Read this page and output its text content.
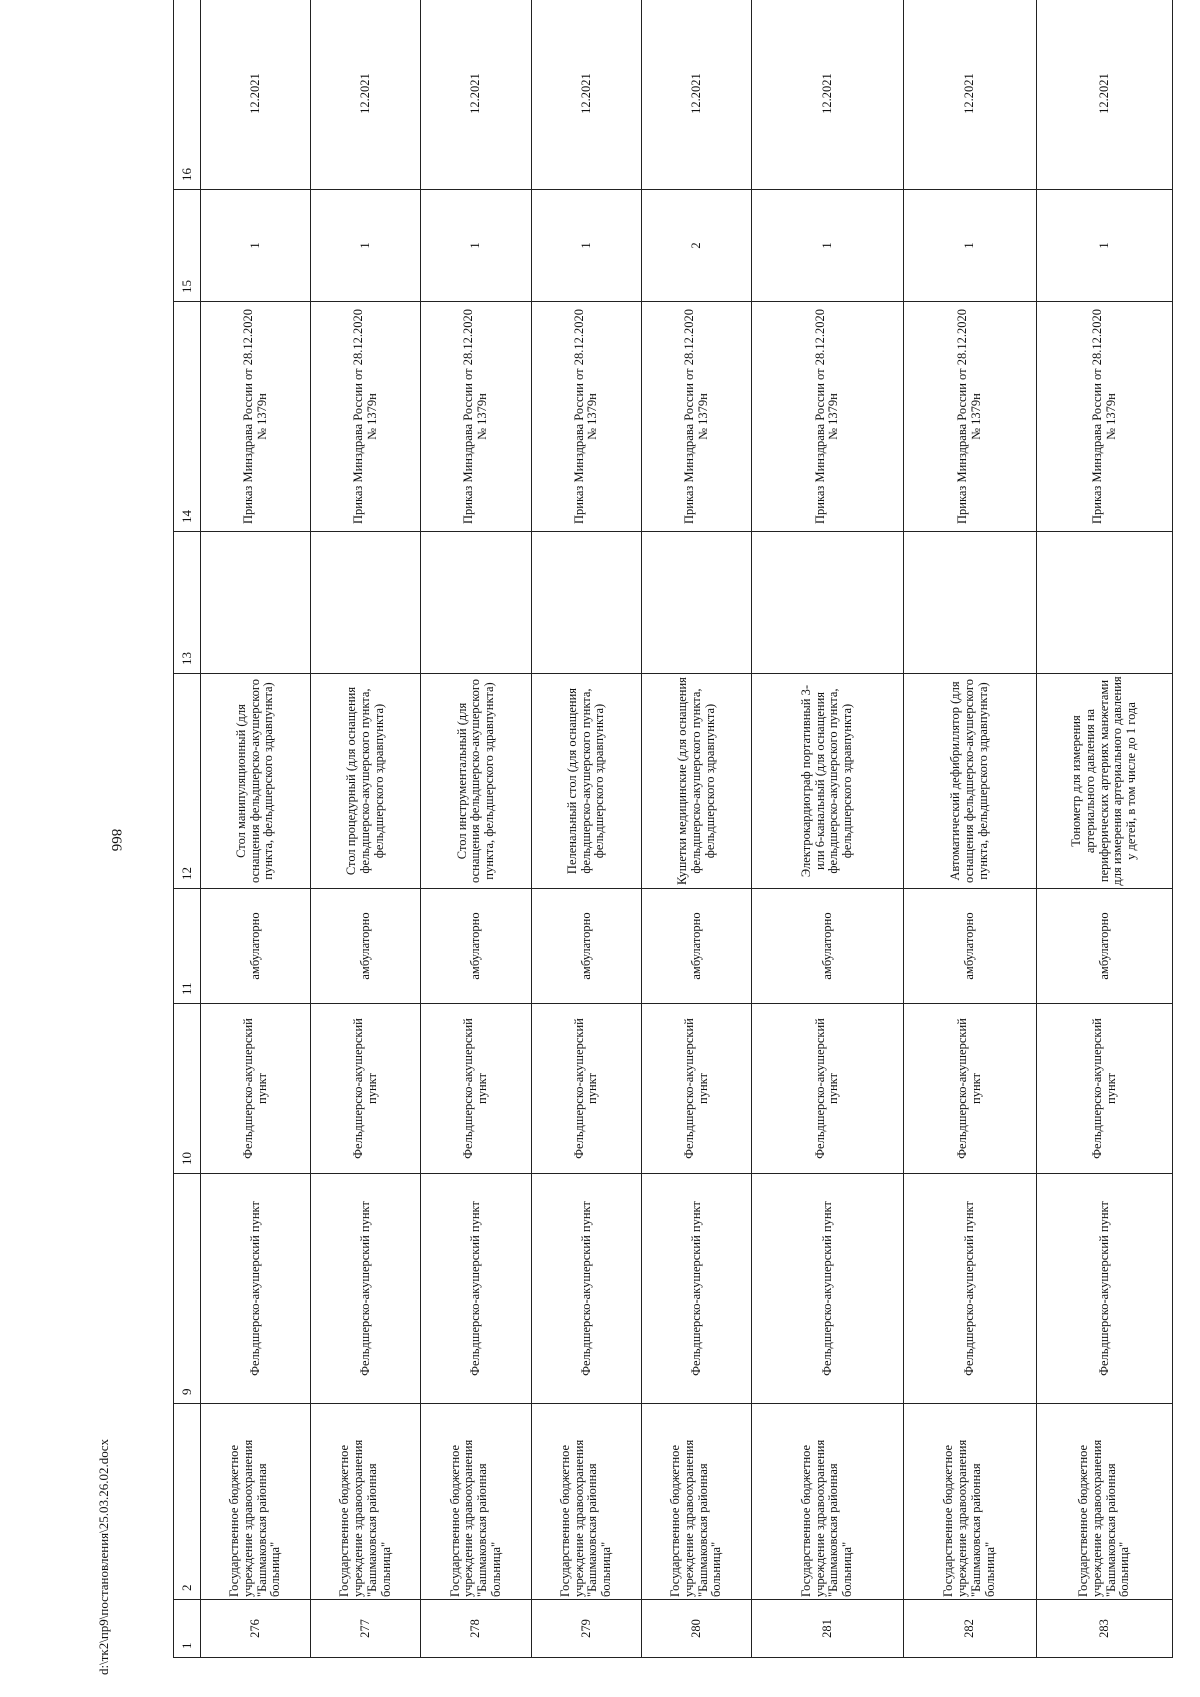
866
d:\тк2\пр9\постановления\25.03.26.02.docx	1	2	9	10	11	12	13	14	15	16
276	Государственное бюджетное учреждение здравоохранения "Башмаковская районная больница"	Фельдшерско-акушерский пункт	Фельдшерско-акушерский пункт	амбулаторно	Стол манипуляционный (для оснащения фельдшерско-акушерского пункта, фельдшерского здравпункта)		Приказ Минздрава России от 28.12.2020 № 1379н	1	12.2021
277	Государственное бюджетное учреждение здравоохранения "Башмаковская районная больница"	Фельдшерско-акушерский пункт	Фельдшерско-акушерский пункт	амбулаторно	Стол процедурный (для оснащения фельдшерско-акушерского пункта, фельдшерского здравпункта)		Приказ Минздрава России от 28.12.2020 № 1379н	1	12.2021
278	Государственное бюджетное учреждение здравоохранения "Башмаковская районная больница"	Фельдшерско-акушерский пункт	Фельдшерско-акушерский пункт	амбулаторно	Стол инструментальный (для оснащения фельдшерско-акушерского пункта, фельдшерского здравпункта)		Приказ Минздрава России от 28.12.2020 № 1379н	1	12.2021
279	Государственное бюджетное учреждение здравоохранения "Башмаковская районная больница"	Фельдшерско-акушерский пункт	Фельдшерско-акушерский пункт	амбулаторно	Пеленальный стол (для оснащения фельдшерско-акушерского пункта, фельдшерского здравпункта)		Приказ Минздрава России от 28.12.2020 № 1379н	1	12.2021
280	Государственное бюджетное учреждение здравоохранения "Башмаковская районная больница"	Фельдшерско-акушерский пункт	Фельдшерско-акушерский пункт	амбулаторно	Кушетки медицинские (для оснащения фельдшерско-акушерского пункта, фельдшерского здравпункта)		Приказ Минздрава России от 28.12.2020 № 1379н	2	12.2021
281	Государственное бюджетное учреждение здравоохранения "Башмаковская районная больница"	Фельдшерско-акушерский пункт	Фельдшерско-акушерский пункт	амбулаторно	Электрокардиограф портативный 3- или 6-канальный (для оснащения фельдшерско-акушерского пункта, фельдшерского здравпункта)		Приказ Минздрава России от 28.12.2020 № 1379н	1	12.2021
282	Государственное бюджетное учреждение здравоохранения "Башмаковская районная больница"	Фельдшерско-акушерский пункт	Фельдшерско-акушерский пункт	амбулаторно	Автоматический дефибриллятор (для оснащения фельдшерско-акушерского пункта, фельдшерского здравпункта)		Приказ Минздрава России от 28.12.2020 № 1379н	1	12.2021
283	Государственное бюджетное учреждение здравоохранения "Башмаковская районная больница"	Фельдшерско-акушерский пункт	Фельдшерско-акушерский пункт	амбулаторно	Тонометр для измерения артериального давления на периферических артериях манжетами для измерения артериального давления у детей, в том числе до 1 года		Приказ Минздрава России от 28.12.2020 № 1379н	1	12.2021
